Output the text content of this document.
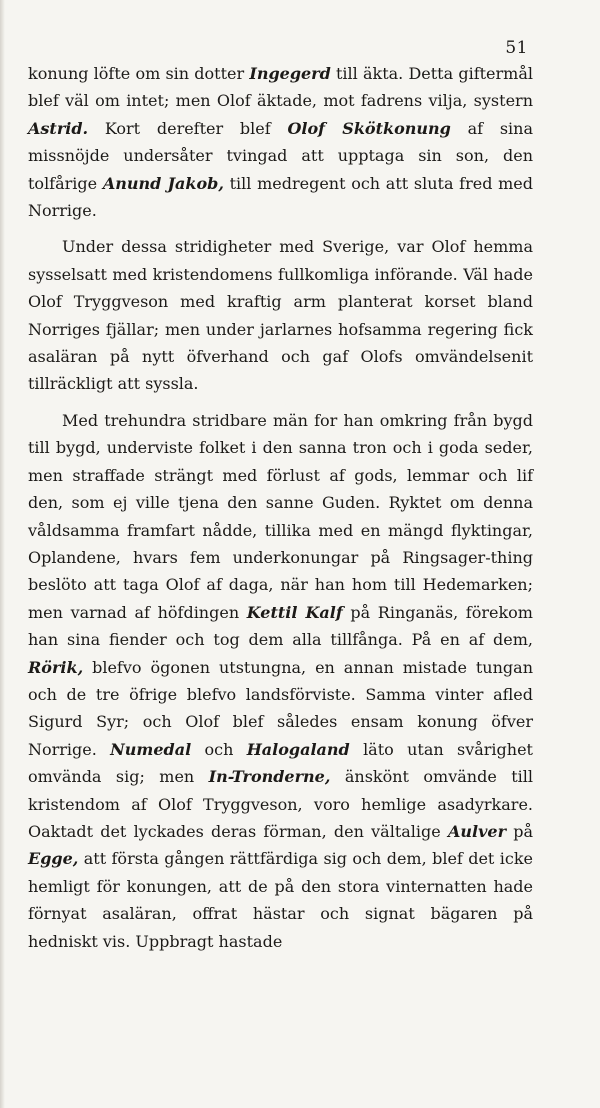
51

konung löfte om sin dotter Ingegerd till äkta. Detta giftermål blef väl om intet; men Olof äktade, mot fadrens vilja, systern Astrid. Kort derefter blef Olof Skötkonung af sina missnöjde undersåter tvingad att upptaga sin son, den tolfårige Anund Jakob, till medregent och att sluta fred med Norrige.

Under dessa stridigheter med Sverige, var Olof hemma sysselsatt med kristendomens fullkomliga införande. Väl hade Olof Tryggveson med kraftig arm planterat korset bland Norriges fjällar; men under jarlarnes hofsamma regering fick asaläran på nytt öfverhand och gaf Olofs omvändelsenit tillräckligt att syssla.

Med trehundra stridbare män for han omkring från bygd till bygd, underviste folket i den sanna tron och i goda seder, men straffade strängt med förlust af gods, lemmar och lif den, som ej ville tjena den sanne Guden. Ryktet om denna våldsamma framfart nådde, tillika med en mängd flyktingar, Oplandene, hvars fem underkonungar på Ringsager-thing beslöto att taga Olof af daga, när han hom till Hedemarken; men varnad af höfdingen Kettil Kalf på Ringanäs, förekom han sina fiender och tog dem alla tillfånga. På en af dem, Rörik, blefvo ögonen utstungna, en annan mistade tungan och de tre öfrige blefvo landsförviste. Samma vinter afled Sigurd Syr; och Olof blef således ensam konung öfver Norrige. Numedal och Halogaland läto utan svårighet omvända sig; men In-Tronderne, änskönt omvände till kristendom af Olof Tryggveson, voro hemlige asadyrkare. Oaktadt det lyckades deras förman, den vältalige Aulver på Egge, att första gången rättfärdiga sig och dem, blef det icke hemligt för konungen, att de på den stora vinternatten hade förnyat asaläran, offrat hästar och signat bägaren på hedniskt vis. Uppbragt hastade
